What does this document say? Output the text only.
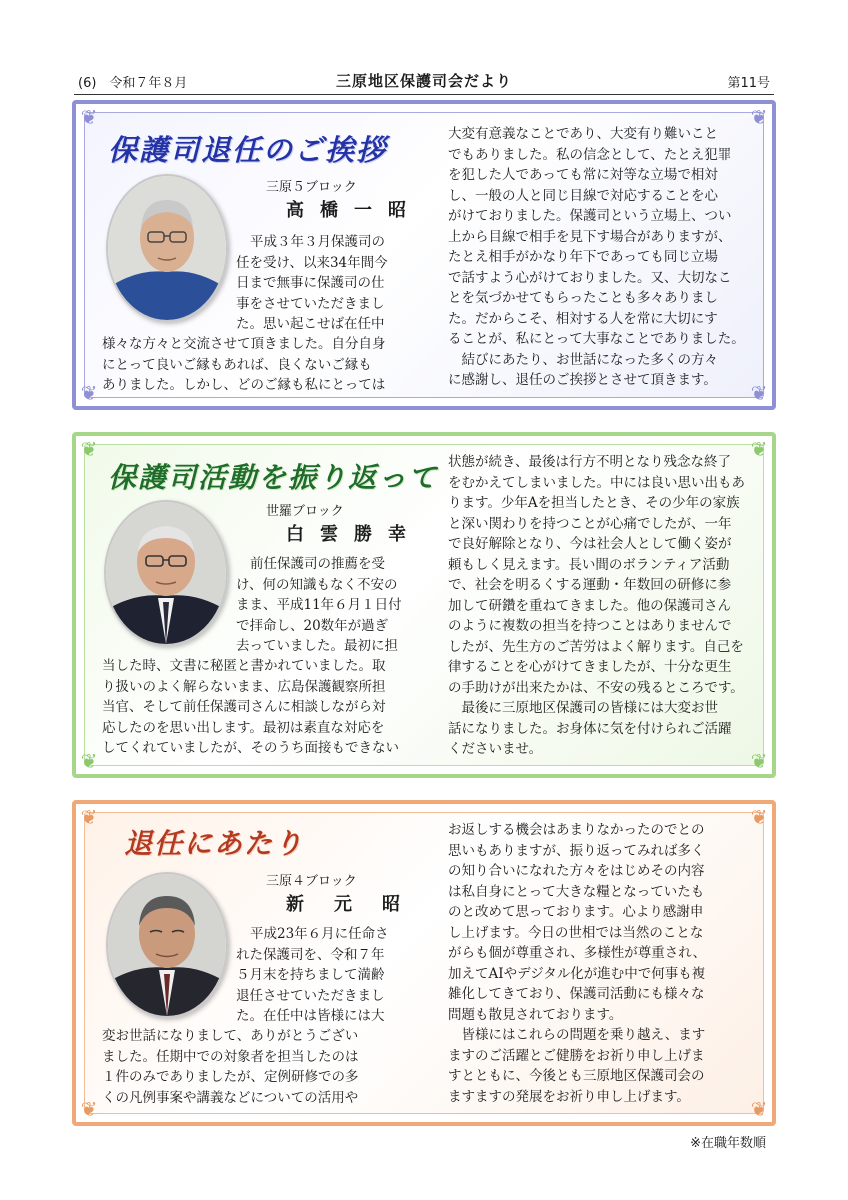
(6)　令和７年８月	三原地区保護司会だより	第11号
❦	❦
❦	❦
保護司退任のご挨拶
三原５ブロック
高橋一昭

平成３年３月保護司の
任を受け、以来34年間今
日まで無事に保護司の仕
事をさせていただきまし
た。思い起こせば在任中

様々な方々と交流させて頂きました。自分自身
にとって良いご縁もあれば、良くないご縁も
ありました。しかし、どのご縁も私にとっては

大変有意義なことであり、大変有り難いこと
でもありました。私の信念として、たとえ犯罪
を犯した人であっても常に対等な立場で相対
し、一般の人と同じ目線で対応することを心
がけておりました。保護司という立場上、つい
上から目線で相手を見下す場合がありますが、
たとえ相手がかなり年下であっても同じ立場
で話すよう心がけておりました。又、大切なこ
とを気づかせてもらったことも多々ありまし
た。だからこそ、相対する人を常に大切にす
ることが、私にとって大事なことでありました。
　結びにあたり、お世話になった多くの方々
に感謝し、退任のご挨拶とさせて頂きます。

❦	❦
❦	❦
保護司活動を振り返って
世羅ブロック
白雲勝幸

前任保護司の推薦を受
け、何の知識もなく不安の
まま、平成11年６月１日付
で拝命し、20数年が過ぎ
去っていました。最初に担

当した時、文書に秘匿と書かれていました。取
り扱いのよく解らないまま、広島保護観察所担
当官、そして前任保護司さんに相談しながら対
応したのを思い出します。最初は素直な対応を
してくれていましたが、そのうち面接もできない

状態が続き、最後は行方不明となり残念な終了
をむかえてしまいました。中には良い思い出もあ
ります。少年Aを担当したとき、その少年の家族
と深い関わりを持つことが心痛でしたが、一年
で良好解除となり、今は社会人として働く姿が
頼もしく見えます。長い間のボランティア活動
で、社会を明るくする運動・年数回の研修に参
加して研鑽を重ねてきました。他の保護司さん
のように複数の担当を持つことはありませんで
したが、先生方のご苦労はよく解ります。自己を
律することを心がけてきましたが、十分な更生
の手助けが出来たかは、不安の残るところです。
　最後に三原地区保護司の皆様には大変お世
話になりました。お身体に気を付けられご活躍
くださいませ。

❦	❦
❦	❦
退任にあたり
三原４ブロック
新元昭

平成23年６月に任命さ
れた保護司を、令和７年
５月末を持ちまして満齢
退任させていただきまし
た。在任中は皆様には大

変お世話になりまして、ありがとうござい
ました。任期中での対象者を担当したのは
１件のみでありましたが、定例研修での多
くの凡例事案や講義などについての活用や

お返しする機会はあまりなかったのでとの
思いもありますが、振り返ってみれば多く
の知り合いになれた方々をはじめその内容
は私自身にとって大きな糧となっていたも
のと改めて思っております。心より感謝申
し上げます。今日の世相では当然のことな
がらも個が尊重され、多様性が尊重され、
加えてAIやデジタル化が進む中で何事も複
雑化してきており、保護司活動にも様々な
問題も散見されております。
　皆様にはこれらの問題を乗り越え、ます
ますのご活躍とご健勝をお祈り申し上げま
すとともに、今後とも三原地区保護司会の
ますますの発展をお祈り申し上げます。

※在職年数順
